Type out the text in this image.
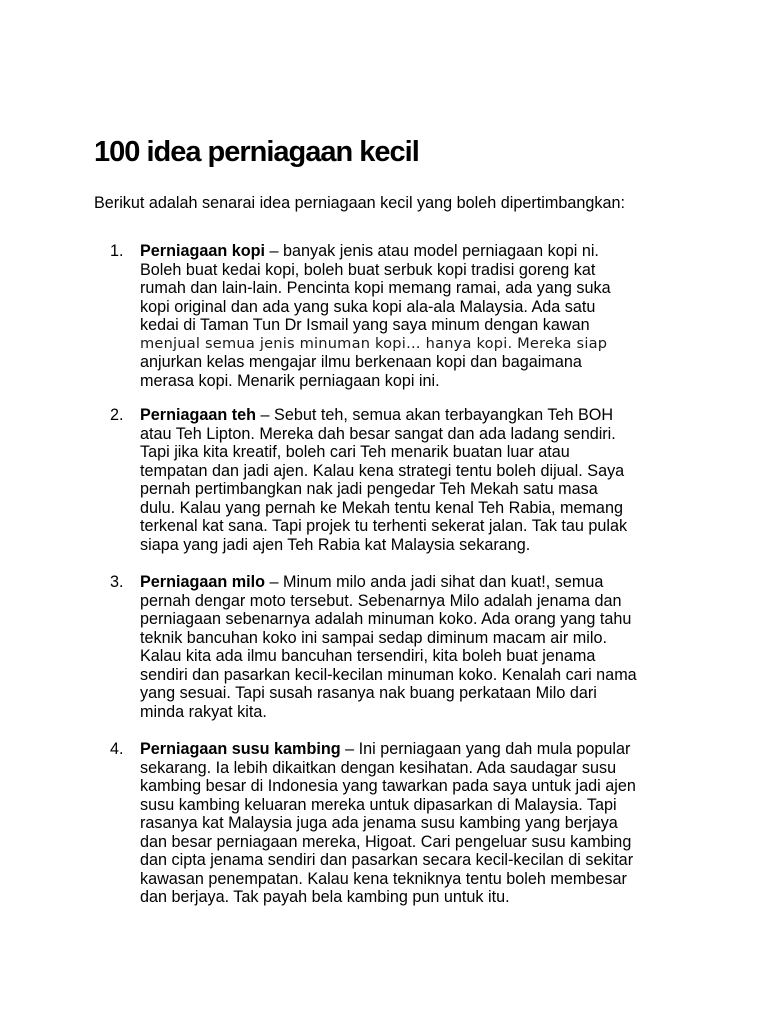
100 idea perniagaan kecil

Berikut adalah senarai idea perniagaan kecil yang boleh dipertimbangkan:

1. Perniagaan kopi – banyak jenis atau model perniagaan kopi ni.
Boleh buat kedai kopi, boleh buat serbuk kopi tradisi goreng kat
rumah dan lain-lain. Pencinta kopi memang ramai, ada yang suka
kopi original dan ada yang suka kopi ala-ala Malaysia. Ada satu
kedai di Taman Tun Dr Ismail yang saya minum dengan kawan
menjual semua jenis minuman kopi… hanya kopi. Mereka siap
anjurkan kelas mengajar ilmu berkenaan kopi dan bagaimana
merasa kopi. Menarik perniagaan kopi ini.
2. Perniagaan teh – Sebut teh, semua akan terbayangkan Teh BOH
atau Teh Lipton. Mereka dah besar sangat dan ada ladang sendiri.
Tapi jika kita kreatif, boleh cari Teh menarik buatan luar atau
tempatan dan jadi ajen. Kalau kena strategi tentu boleh dijual. Saya
pernah pertimbangkan nak jadi pengedar Teh Mekah satu masa
dulu. Kalau yang pernah ke Mekah tentu kenal Teh Rabia, memang
terkenal kat sana. Tapi projek tu terhenti sekerat jalan. Tak tau pulak
siapa yang jadi ajen Teh Rabia kat Malaysia sekarang.
3. Perniagaan milo – Minum milo anda jadi sihat dan kuat!, semua
pernah dengar moto tersebut. Sebenarnya Milo adalah jenama dan
perniagaan sebenarnya adalah minuman koko. Ada orang yang tahu
teknik bancuhan koko ini sampai sedap diminum macam air milo.
Kalau kita ada ilmu bancuhan tersendiri, kita boleh buat jenama
sendiri dan pasarkan kecil-kecilan minuman koko. Kenalah cari nama
yang sesuai. Tapi susah rasanya nak buang perkataan Milo dari
minda rakyat kita.
4. Perniagaan susu kambing – Ini perniagaan yang dah mula popular
sekarang. Ia lebih dikaitkan dengan kesihatan. Ada saudagar susu
kambing besar di Indonesia yang tawarkan pada saya untuk jadi ajen
susu kambing keluaran mereka untuk dipasarkan di Malaysia. Tapi
rasanya kat Malaysia juga ada jenama susu kambing yang berjaya
dan besar perniagaan mereka, Higoat. Cari pengeluar susu kambing
dan cipta jenama sendiri dan pasarkan secara kecil-kecilan di sekitar
kawasan penempatan. Kalau kena tekniknya tentu boleh membesar
dan berjaya. Tak payah bela kambing pun untuk itu.
